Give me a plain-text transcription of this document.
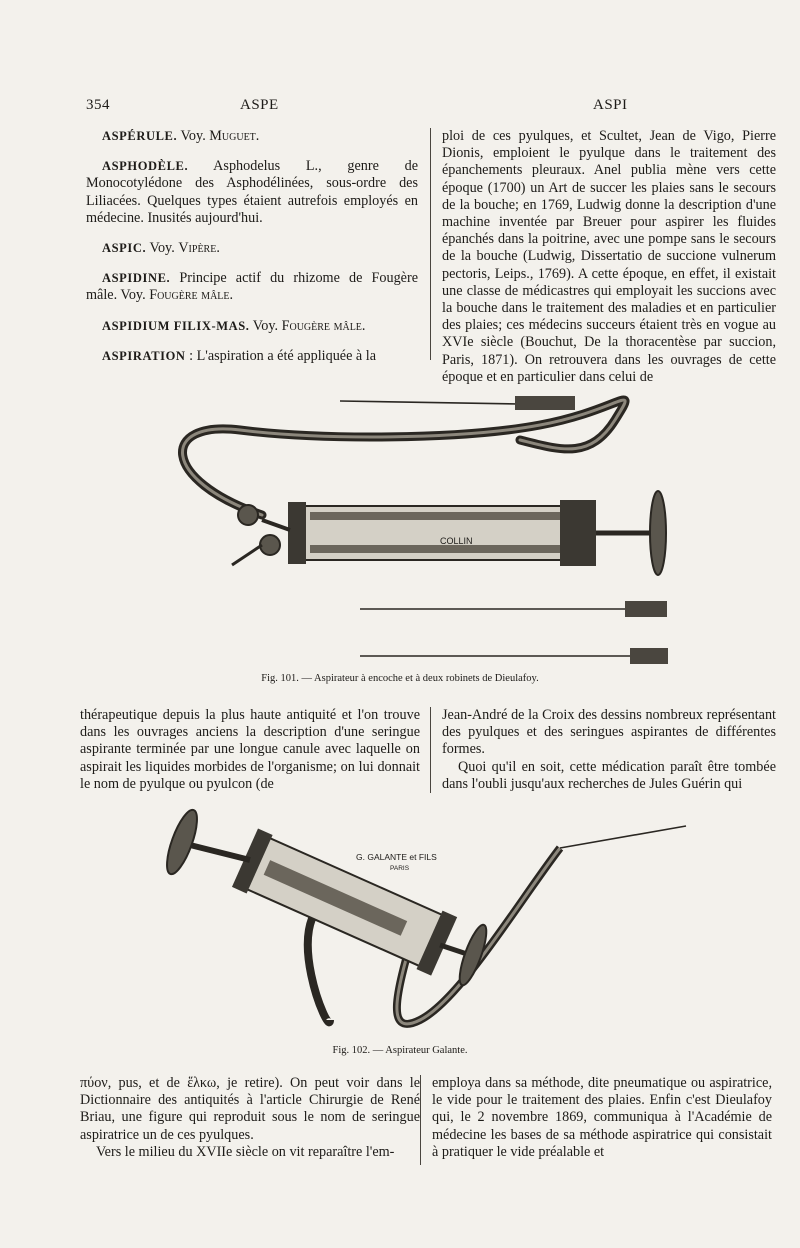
354	ASPE	ASPI

ASPÉRULE. Voy. Muguet.

ASPHODÈLE. Asphodelus L., genre de Monocotylédone des Asphodélinées, sous-ordre des Liliacées. Quelques types étaient autrefois employés en médecine. Inusités aujourd'hui.

ASPIC. Voy. Vipère.

ASPIDINE. Principe actif du rhizome de Fougère mâle. Voy. Fougère mâle.

ASPIDIUM FILIX-MAS. Voy. Fougère mâle.

ASPIRATION : L'aspiration a été appliquée à la

ploi de ces pyulques, et Scultet, Jean de Vigo, Pierre Dionis, emploient le pyulque dans le traitement des épanchements pleuraux. Anel publia mène vers cette époque (1700) un Art de succer les plaies sans le secours de la bouche; en 1769, Ludwig donne la description d'une machine inventée par Breuer pour aspirer les fluides épanchés dans la poitrine, avec une pompe sans le secours de la bouche (Ludwig, Dissertatio de succione vulnerum pectoris, Leips., 1769). A cette époque, en effet, il existait une classe de médicastres qui employait les succions avec la bouche dans le traitement des maladies et en particulier des plaies; ces médecins succeurs étaient très en vogue au XVIe siècle (Bouchut, De la thoracentèse par succion, Paris, 1871). On retrouvera dans les ouvrages de cette époque et en particulier dans celui de

COLLIN
G. GALANTE et FILS
PARIS
Fig. 101. — Aspirateur à encoche et à deux robinets de Dieulafoy.

thérapeutique depuis la plus haute antiquité et l'on trouve dans les ouvrages anciens la description d'une seringue aspirante terminée par une longue canule avec laquelle on aspirait les liquides morbides de l'organisme; on lui donnait le nom de pyulque ou pyulcon (de

Jean-André de la Croix des dessins nombreux représentant des pyulques et des seringues aspirantes de différentes formes.

Quoi qu'il en soit, cette médication paraît être tombée dans l'oubli jusqu'aux recherches de Jules Guérin qui

Fig. 102. — Aspirateur Galante.

πύον, pus, et de ἕλκω, je retire). On peut voir dans le Dictionnaire des antiquités à l'article Chirurgie de René Briau, une figure qui reproduit sous le nom de seringue aspiratrice un de ces pyulques.

Vers le milieu du XVIIe siècle on vit reparaître l'em-

employa dans sa méthode, dite pneumatique ou aspiratrice, le vide pour le traitement des plaies. Enfin c'est Dieulafoy qui, le 2 novembre 1869, communiqua à l'Académie de médecine les bases de sa méthode aspiratrice qui consistait à pratiquer le vide préalable et
